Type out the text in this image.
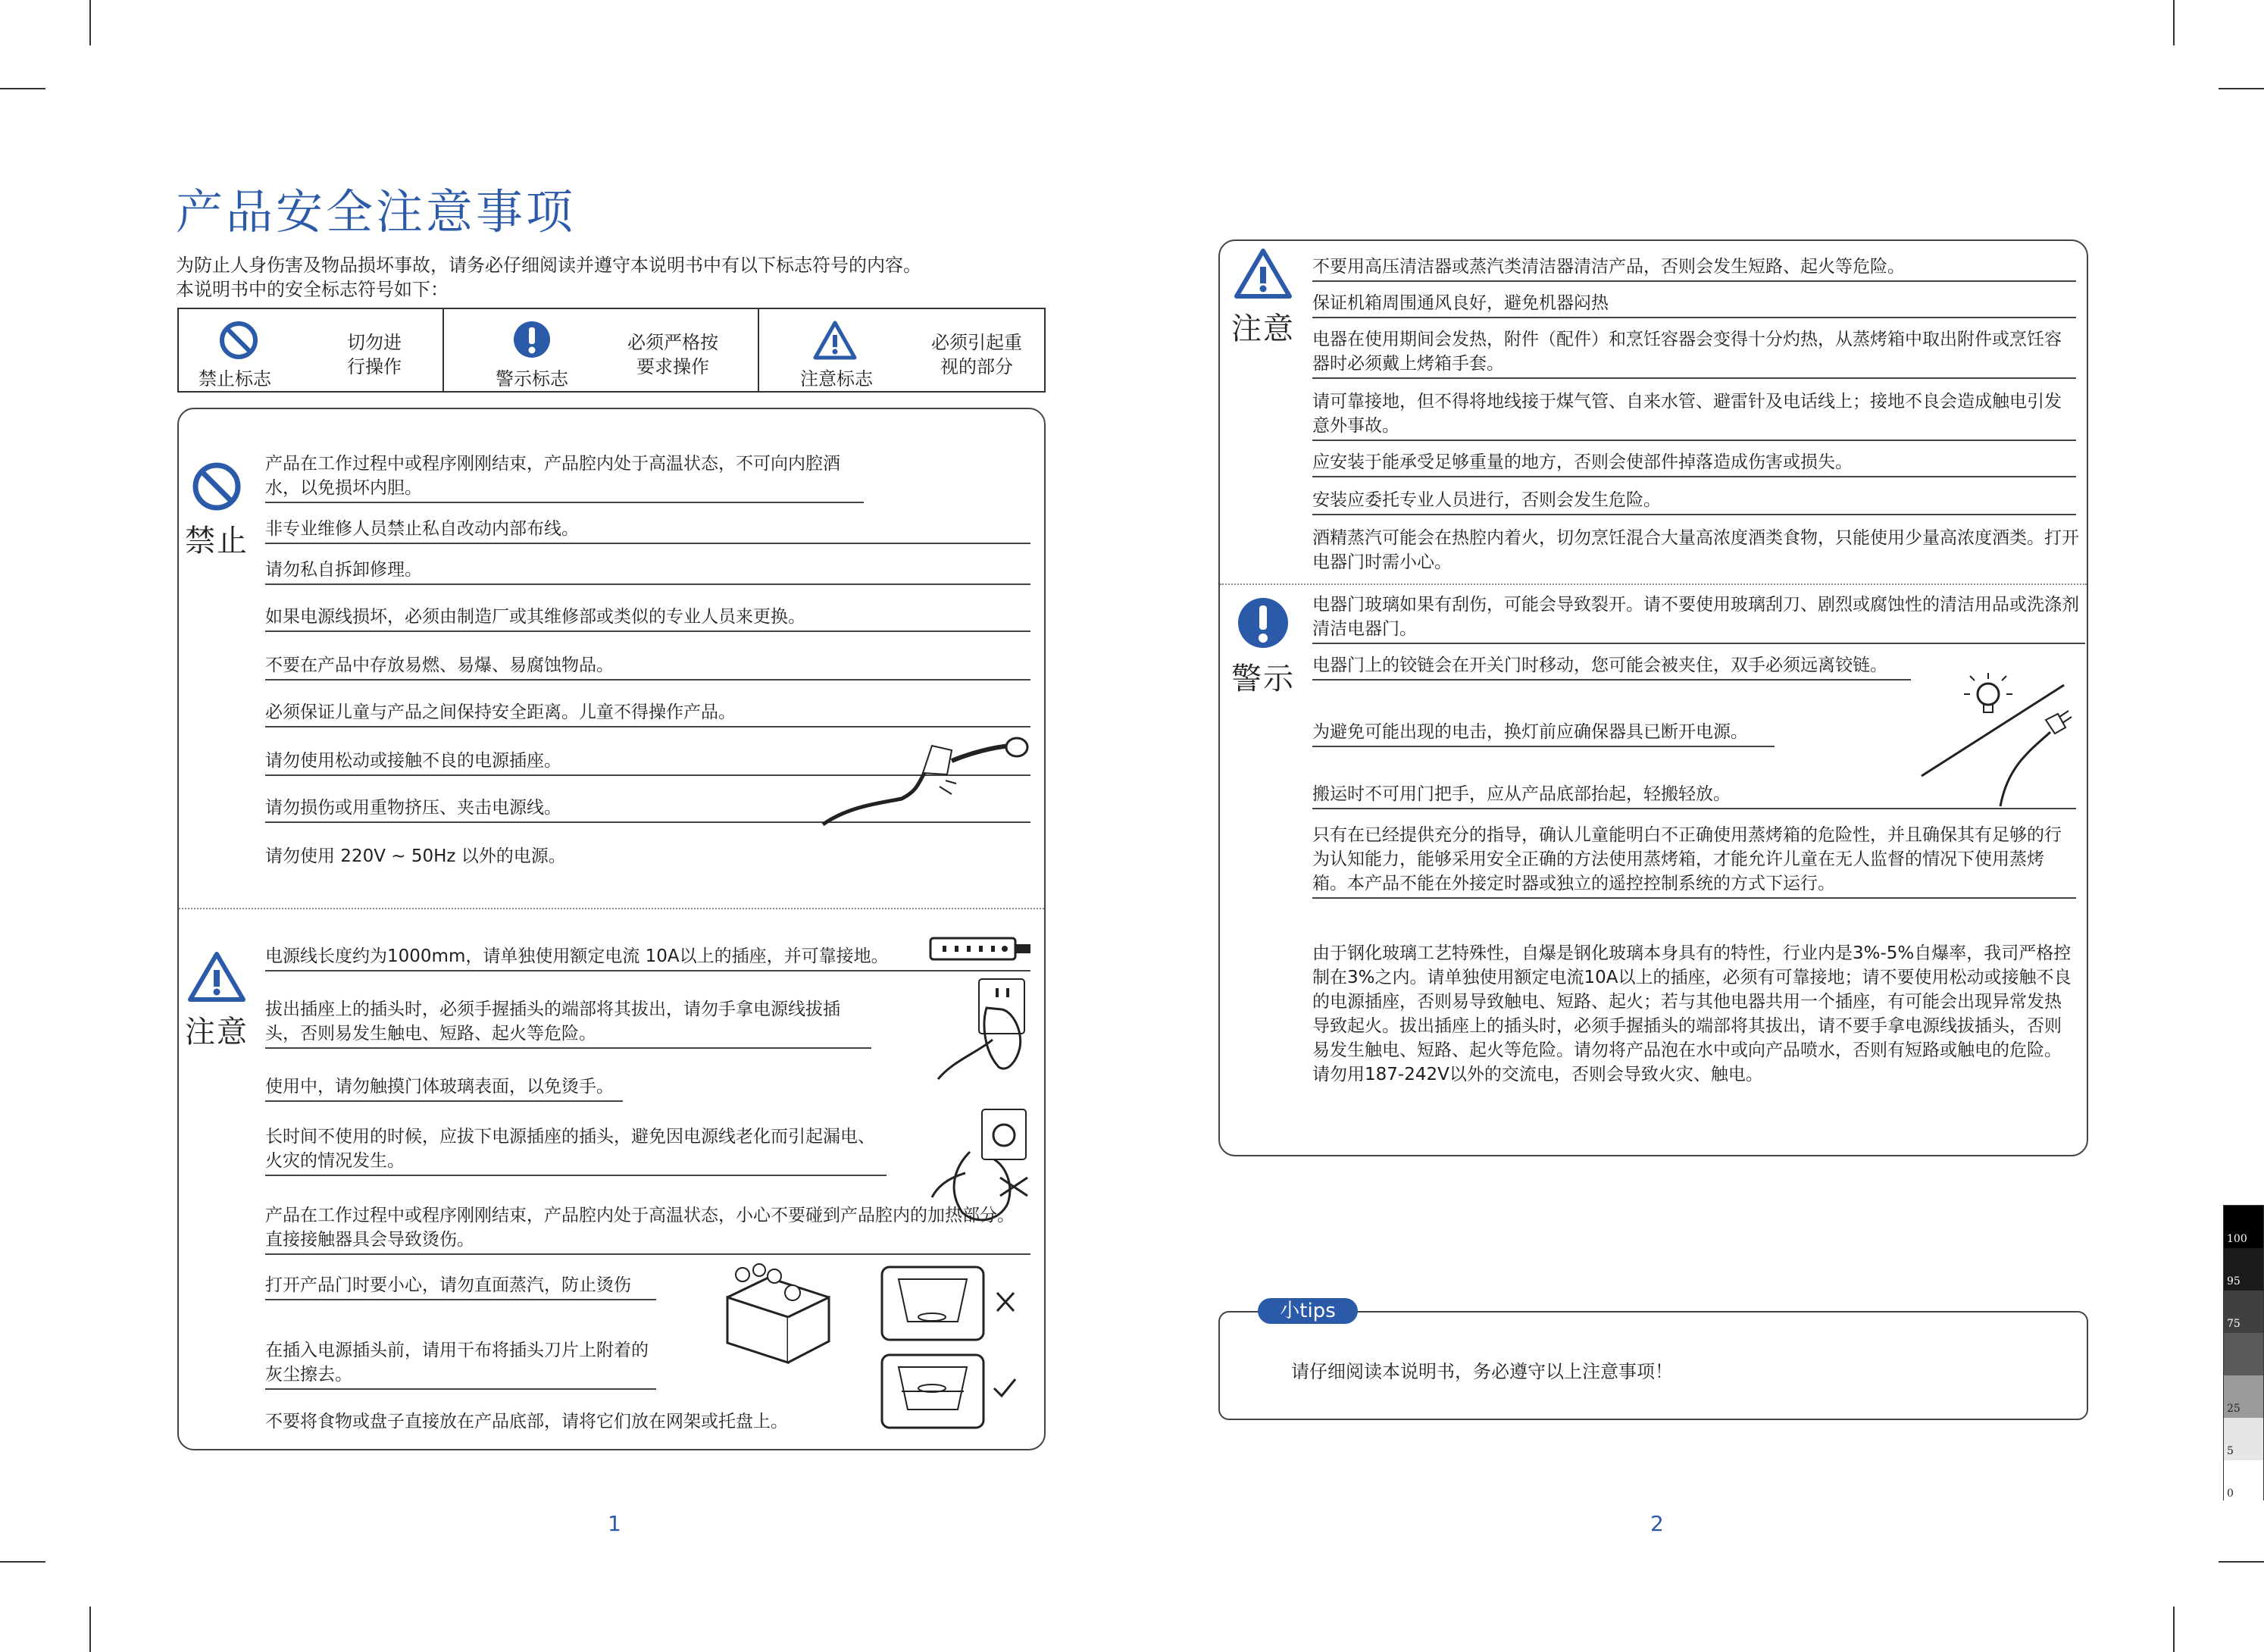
产品安全注意事项
为防止人身伤害及物品损坏事故，请务必仔细阅读并遵守本说明书中有以下标志符号的内容。
本说明书中的安全标志符号如下：
禁止标志
切勿进
行操作
警示标志
必须严格按
要求操作
注意标志
必须引起重
视的部分
禁止
产品在工作过程中或程序刚刚结束，产品腔内处于高温状态，不可向内腔酒水，以免损坏内胆。
非专业维修人员禁止私自改动内部布线。
请勿私自拆卸修理。
如果电源线损坏，必须由制造厂或其维修部或类似的专业人员来更换。
不要在产品中存放易燃、易爆、易腐蚀物品。
必须保证儿童与产品之间保持安全距离。儿童不得操作产品。
请勿使用松动或接触不良的电源插座。
请勿损伤或用重物挤压、夹击电源线。
请勿使用 220V ~ 50Hz 以外的电源。
注意
电源线长度约为1000mm，请单独使用额定电流 10A以上的插座，并可靠接地。
拔出插座上的插头时，必须手握插头的端部将其拔出，请勿手拿电源线拔插头，否则易发生触电、短路、起火等危险。
使用中，请勿触摸门体玻璃表面，以免烫手。
长时间不使用的时候，应拔下电源插座的插头，避免因电源线老化而引起漏电、火灾的情况发生。
产品在工作过程中或程序刚刚结束，产品腔内处于高温状态，小心不要碰到产品腔内的加热部分。直接接触器具会导致烫伤。
打开产品门时要小心，请勿直面蒸汽，防止烫伤
在插入电源插头前，请用干布将插头刀片上附着的灰尘擦去。
不要将食物或盘子直接放在产品底部，请将它们放在网架或托盘上。
1
注意
不要用高压清洁器或蒸汽类清洁器清洁产品，否则会发生短路、起火等危险。
保证机箱周围通风良好，避免机器闷热
电器在使用期间会发热，附件（配件）和烹饪容器会变得十分灼热，从蒸烤箱中取出附件或烹饪容器时必须戴上烤箱手套。
请可靠接地，但不得将地线接于煤气管、自来水管、避雷针及电话线上；接地不良会造成触电引发意外事故。
应安装于能承受足够重量的地方，否则会使部件掉落造成伤害或损失。
安装应委托专业人员进行，否则会发生危险。
酒精蒸汽可能会在热腔内着火，切勿烹饪混合大量高浓度酒类食物，只能使用少量高浓度酒类。打开电器门时需小心。
警示
电器门玻璃如果有刮伤，可能会导致裂开。请不要使用玻璃刮刀、剧烈或腐蚀性的清洁用品或洗涤剂清洁电器门。
电器门上的铰链会在开关门时移动，您可能会被夹住，双手必须远离铰链。
为避免可能出现的电击，换灯前应确保器具已断开电源。
搬运时不可用门把手，应从产品底部抬起，轻搬轻放。
只有在已经提供充分的指导，确认儿童能明白不正确使用蒸烤箱的危险性，并且确保其有足够的行为认知能力，能够采用安全正确的方法使用蒸烤箱，才能允许儿童在无人监督的情况下使用蒸烤箱。本产品不能在外接定时器或独立的遥控控制系统的方式下运行。
由于钢化玻璃工艺特殊性，自爆是钢化玻璃本身具有的特性，行业内是3%-5%自爆率，我司严格控制在3%之内。请单独使用额定电流10A以上的插座，必须有可靠接地；请不要使用松动或接触不良的电源插座，否则易导致触电、短路、起火；若与其他电器共用一个插座，有可能会出现异常发热导致起火。拔出插座上的插头时，必须手握插头的端部将其拔出，请不要手拿电源线拔插头，否则易发生触电、短路、起火等危险。请勿将产品泡在水中或向产品喷水，否则有短路或触电的危险。请勿用187-242V以外的交流电，否则会导致火灾、触电。
小tips
请仔细阅读本说明书，务必遵守以上注意事项！
2
100
95
75
25
5
0
